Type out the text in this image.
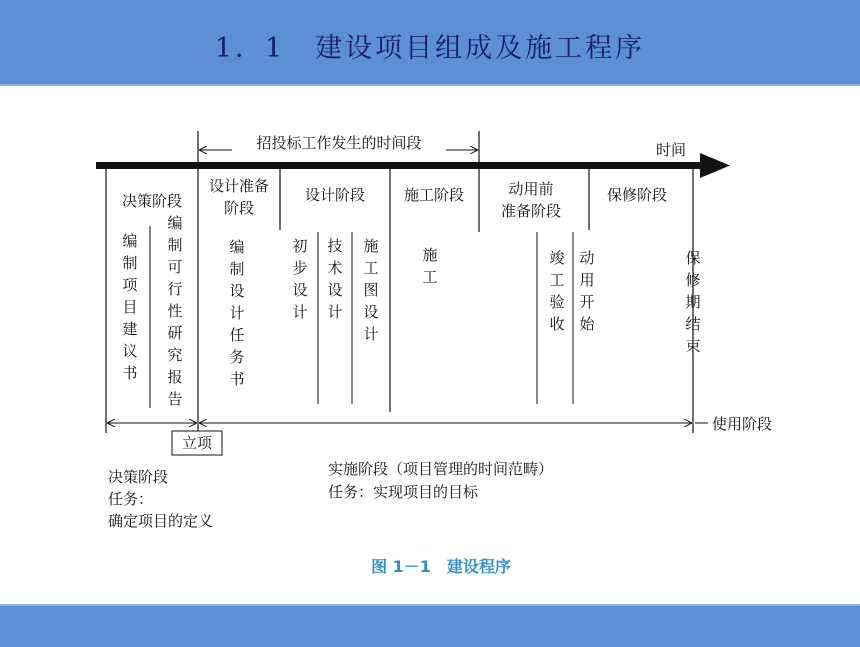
1．1　建设项目组成及施工程序
招投标工作发生的时间段	时间
决策阶段
设计准备
阶段
设计阶段	施工阶段	动用前
准备阶段
保修阶段
编制项目建议书
编制可行性研究报告
编制设计任务书
初步设计
技术设计
施工图设计
施工
竣工验收
动用开始
保修期结束
立项
使用阶段
决策阶段
任务：
确定项目的定义
实施阶段（项目管理的时间范畴）
任务：实现项目的目标
图 1－1　建设程序
